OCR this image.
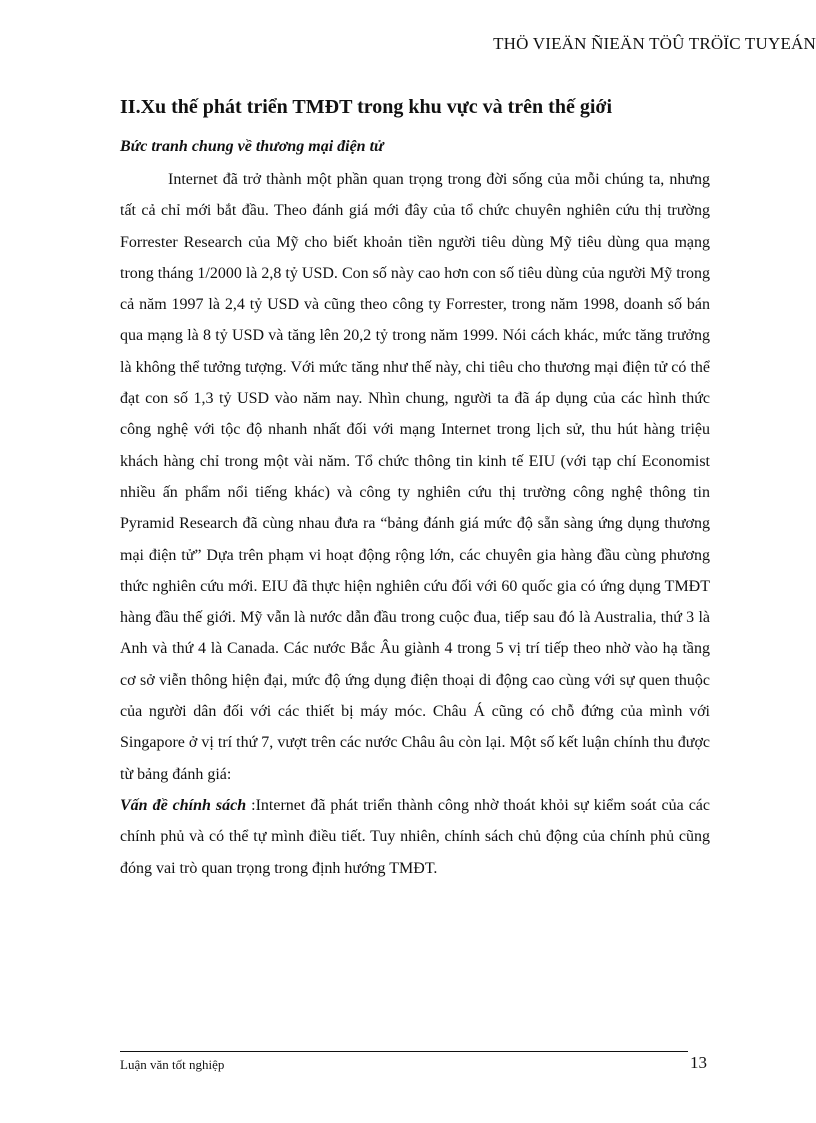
THÖ VIEÄN ÑIEÄN TÖÛ TRÖÏC TUYEÁN
II.Xu thế phát triển TMĐT trong khu vực và trên thế giới
Bức tranh chung về thương mại điện tử

Internet đã trở thành một phần quan trọng trong đời sống của mỗi chúng ta, nhưng tất cả chỉ mới bắt đầu. Theo đánh giá mới đây của tổ chức chuyên nghiên cứu thị trường Forrester Research của Mỹ cho biết khoản tiền người tiêu dùng Mỹ tiêu dùng qua mạng trong tháng 1/2000 là 2,8 tỷ USD. Con số này cao hơn con số tiêu dùng của người Mỹ trong cả năm 1997 là 2,4 tỷ USD và cũng theo công ty Forrester, trong năm 1998, doanh số bán qua mạng là 8 tỷ USD và tăng lên 20,2 tỷ trong năm 1999. Nói cách khác, mức tăng trưởng là không thể tưởng tượng. Với mức tăng như thế này, chi tiêu cho thương mại điện tử có thể đạt con số 1,3 tỷ USD vào năm nay. Nhìn chung, người ta đã áp dụng của các hình thức công nghệ với tộc độ nhanh nhất đối với mạng Internet trong lịch sử, thu hút hàng triệu khách hàng chỉ trong một vài năm. Tổ chức thông tin kinh tế EIU (với tạp chí Economist nhiều ấn phẩm nổi tiếng khác) và công ty nghiên cứu thị trường công nghệ thông tin Pyramid Research đã cùng nhau đưa ra “bảng đánh giá mức độ sẵn sàng ứng dụng thương mại điện tử” Dựa trên phạm vi hoạt động rộng lớn, các chuyên gia hàng đầu cùng phương thức nghiên cứu mới. EIU đã thực hiện nghiên cứu đối với 60 quốc gia có ứng dụng TMĐT hàng đầu thế giới. Mỹ vẫn là nước dẫn đầu trong cuộc đua, tiếp sau đó là Australia, thứ 3 là Anh và thứ 4 là Canada. Các nước Bắc Âu giành 4 trong 5 vị trí tiếp theo nhờ vào hạ tầng cơ sở viễn thông hiện đại, mức độ ứng dụng điện thoại di động cao cùng với sự quen thuộc của người dân đối với các thiết bị máy móc. Châu Á cũng có chỗ đứng của mình với Singapore ở vị trí thứ 7, vượt trên các nước Châu âu còn lại. Một số kết luận chính thu được từ bảng đánh giá:

Vấn đề chính sách :Internet đã phát triển thành công nhờ thoát khỏi sự kiểm soát của các chính phủ và có thể tự mình điều tiết. Tuy nhiên, chính sách chủ động của chính phủ cũng đóng vai trò quan trọng trong định hướng TMĐT.

Luận văn tốt nghiệp	13
